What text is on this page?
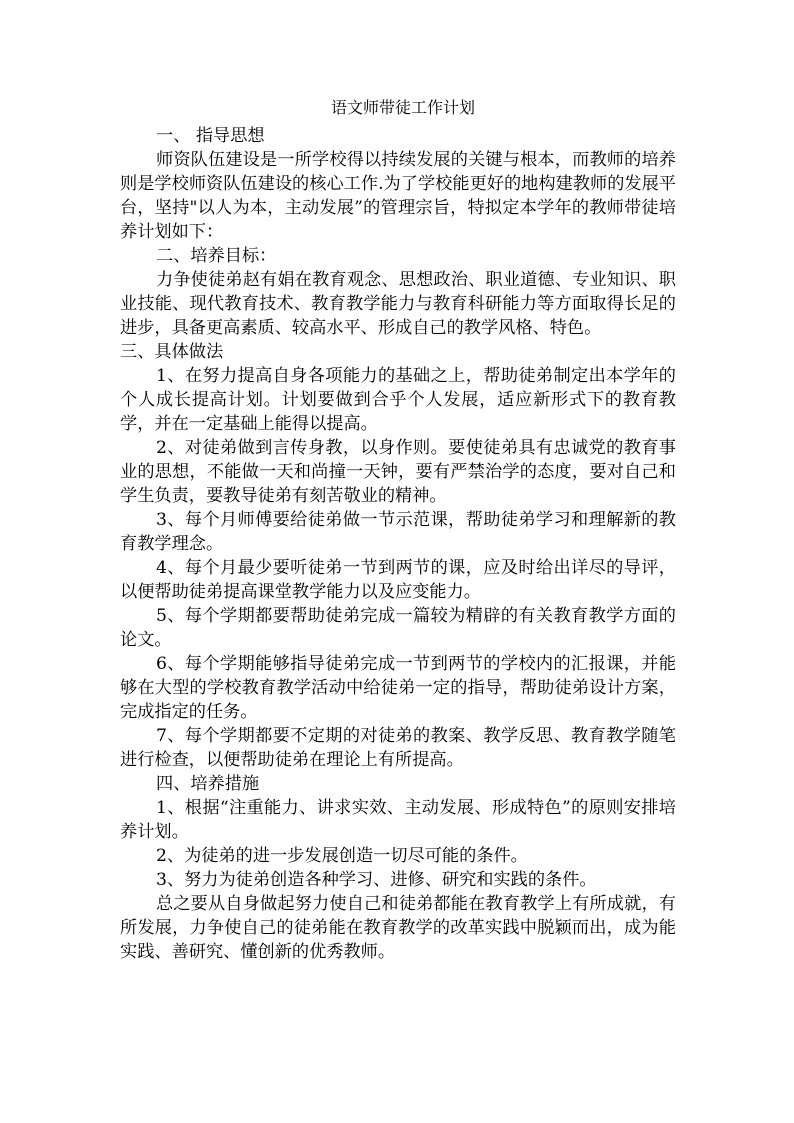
语文师带徒工作计划

一、 指导思想

师资队伍建设是一所学校得以持续发展的关键与根本，而教师的培养则是学校师资队伍建设的核心工作.为了学校能更好的地构建教师的发展平台，坚持"以人为本，主动发展”的管理宗旨，特拟定本学年的教师带徒培养计划如下：

二、培养目标：

力争使徒弟赵有娟在教育观念、思想政治、职业道德、专业知识、职业技能、现代教育技术、教育教学能力与教育科研能力等方面取得长足的进步，具备更高素质、较高水平、形成自己的教学风格、特色。

三、具体做法

1、在努力提高自身各项能力的基础之上，帮助徒弟制定出本学年的个人成长提高计划。计划要做到合乎个人发展，适应新形式下的教育教学，并在一定基础上能得以提高。

2、对徒弟做到言传身教，以身作则。要使徒弟具有忠诚党的教育事业的思想，不能做一天和尚撞一天钟，要有严禁治学的态度，要对自己和学生负责，要教导徒弟有刻苦敬业的精神。

3、每个月师傅要给徒弟做一节示范课，帮助徒弟学习和理解新的教育教学理念。

4、每个月最少要听徒弟一节到两节的课，应及时给出详尽的导评，以便帮助徒弟提高课堂教学能力以及应变能力。

5、每个学期都要帮助徒弟完成一篇较为精辟的有关教育教学方面的论文。

6、每个学期能够指导徒弟完成一节到两节的学校内的汇报课，并能够在大型的学校教育教学活动中给徒弟一定的指导，帮助徒弟设计方案，完成指定的任务。

7、每个学期都要不定期的对徒弟的教案、教学反思、教育教学随笔进行检查，以便帮助徒弟在理论上有所提高。

四、培养措施

1、根据“注重能力、讲求实效、主动发展、形成特色”的原则安排培养计划。

2、为徒弟的进一步发展创造一切尽可能的条件。

3、努力为徒弟创造各种学习、进修、研究和实践的条件。

总之要从自身做起努力使自己和徒弟都能在教育教学上有所成就，有所发展，力争使自己的徒弟能在教育教学的改革实践中脱颖而出，成为能实践、善研究、懂创新的优秀教师。
